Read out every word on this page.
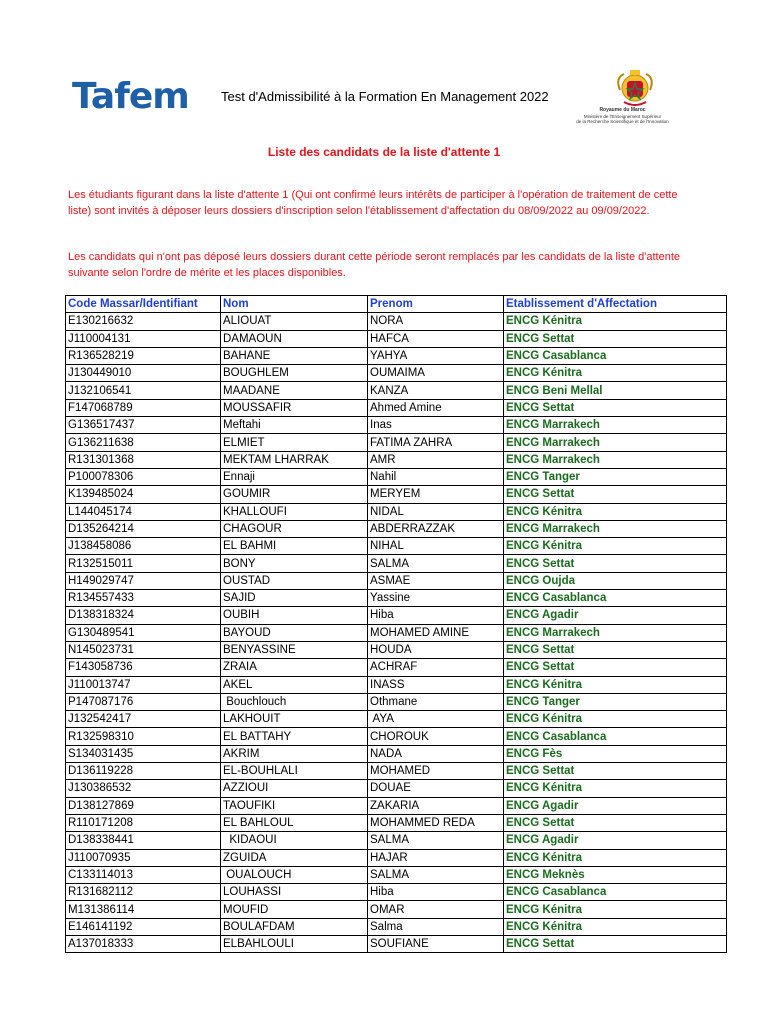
Tafem Test d'Admissibilité à la Formation En Management 2022
Royaume du Maroc
Ministère de l'Enseignement Supérieur
de la Recherche Scientifique et de l'Innovation
Liste des candidats de la liste d'attente 1
Les étudiants figurant dans la liste d'attente 1 (Qui ont confirmé leurs intérêts de participer à l'opération de traitement de cette liste) sont invités à déposer leurs dossiers d'inscription selon l'établissement d'affectation du 08/09/2022 au 09/09/2022.
Les candidats qui n'ont pas déposé leurs dossiers durant cette période seront remplacés par les candidats de la liste d'attente suivante selon l'ordre de mérite et les places disponibles.
Code Massar/Identifiant	Nom	Prenom	Etablissement d'Affectation
E130216632	ALIOUAT	NORA	ENCG Kénitra
J110004131	DAMAOUN	HAFCA	ENCG Settat
R136528219	BAHANE	YAHYA	ENCG Casablanca
J130449010	BOUGHLEM	OUMAIMA	ENCG Kénitra
J132106541	MAADANE	KANZA	ENCG Beni Mellal
F147068789	MOUSSAFIR	Ahmed Amine	ENCG Settat
G136517437	Meftahi	Inas	ENCG Marrakech
G136211638	ELMIET	FATIMA ZAHRA	ENCG Marrakech
R131301368	MEKTAM LHARRAK	AMR	ENCG Marrakech
P100078306	Ennaji	Nahil	ENCG Tanger
K139485024	GOUMIR	MERYEM	ENCG Settat
L144045174	KHALLOUFI	NIDAL	ENCG Kénitra
D135264214	CHAGOUR	ABDERRAZZAK	ENCG Marrakech
J138458086	EL BAHMI	NIHAL	ENCG Kénitra
R132515011	BONY	SALMA	ENCG Settat
H149029747	OUSTAD	ASMAE	ENCG Oujda
R134557433	SAJID	Yassine	ENCG Casablanca
D138318324	OUBIH	Hiba	ENCG Agadir
G130489541	BAYOUD	MOHAMED AMINE	ENCG Marrakech
N145023731	BENYASSINE	HOUDA	ENCG Settat
F143058736	ZRAIA	ACHRAF	ENCG Settat
J110013747	AKEL	INASS	ENCG Kénitra
P147087176	Bouchlouch	Othmane	ENCG Tanger
J132542417	LAKHOUIT	AYA	ENCG Kénitra
R132598310	EL BATTAHY	CHOROUK	ENCG Casablanca
S134031435	AKRIM	NADA	ENCG Fès
D136119228	EL-BOUHLALI	MOHAMED	ENCG Settat
J130386532	AZZIOUI	DOUAE	ENCG Kénitra
D138127869	TAOUFIKI	ZAKARIA	ENCG Agadir
R110171208	EL BAHLOUL	MOHAMMED REDA	ENCG Settat
D138338441	KIDAOUI	SALMA	ENCG Agadir
J110070935	ZGUIDA	HAJAR	ENCG Kénitra
C133114013	OUALOUCH	SALMA	ENCG Meknès
R131682112	LOUHASSI	Hiba	ENCG Casablanca
M131386114	MOUFID	OMAR	ENCG Kénitra
E146141192	BOULAFDAM	Salma	ENCG Kénitra
A137018333	ELBAHLOULI	SOUFIANE	ENCG Settat
